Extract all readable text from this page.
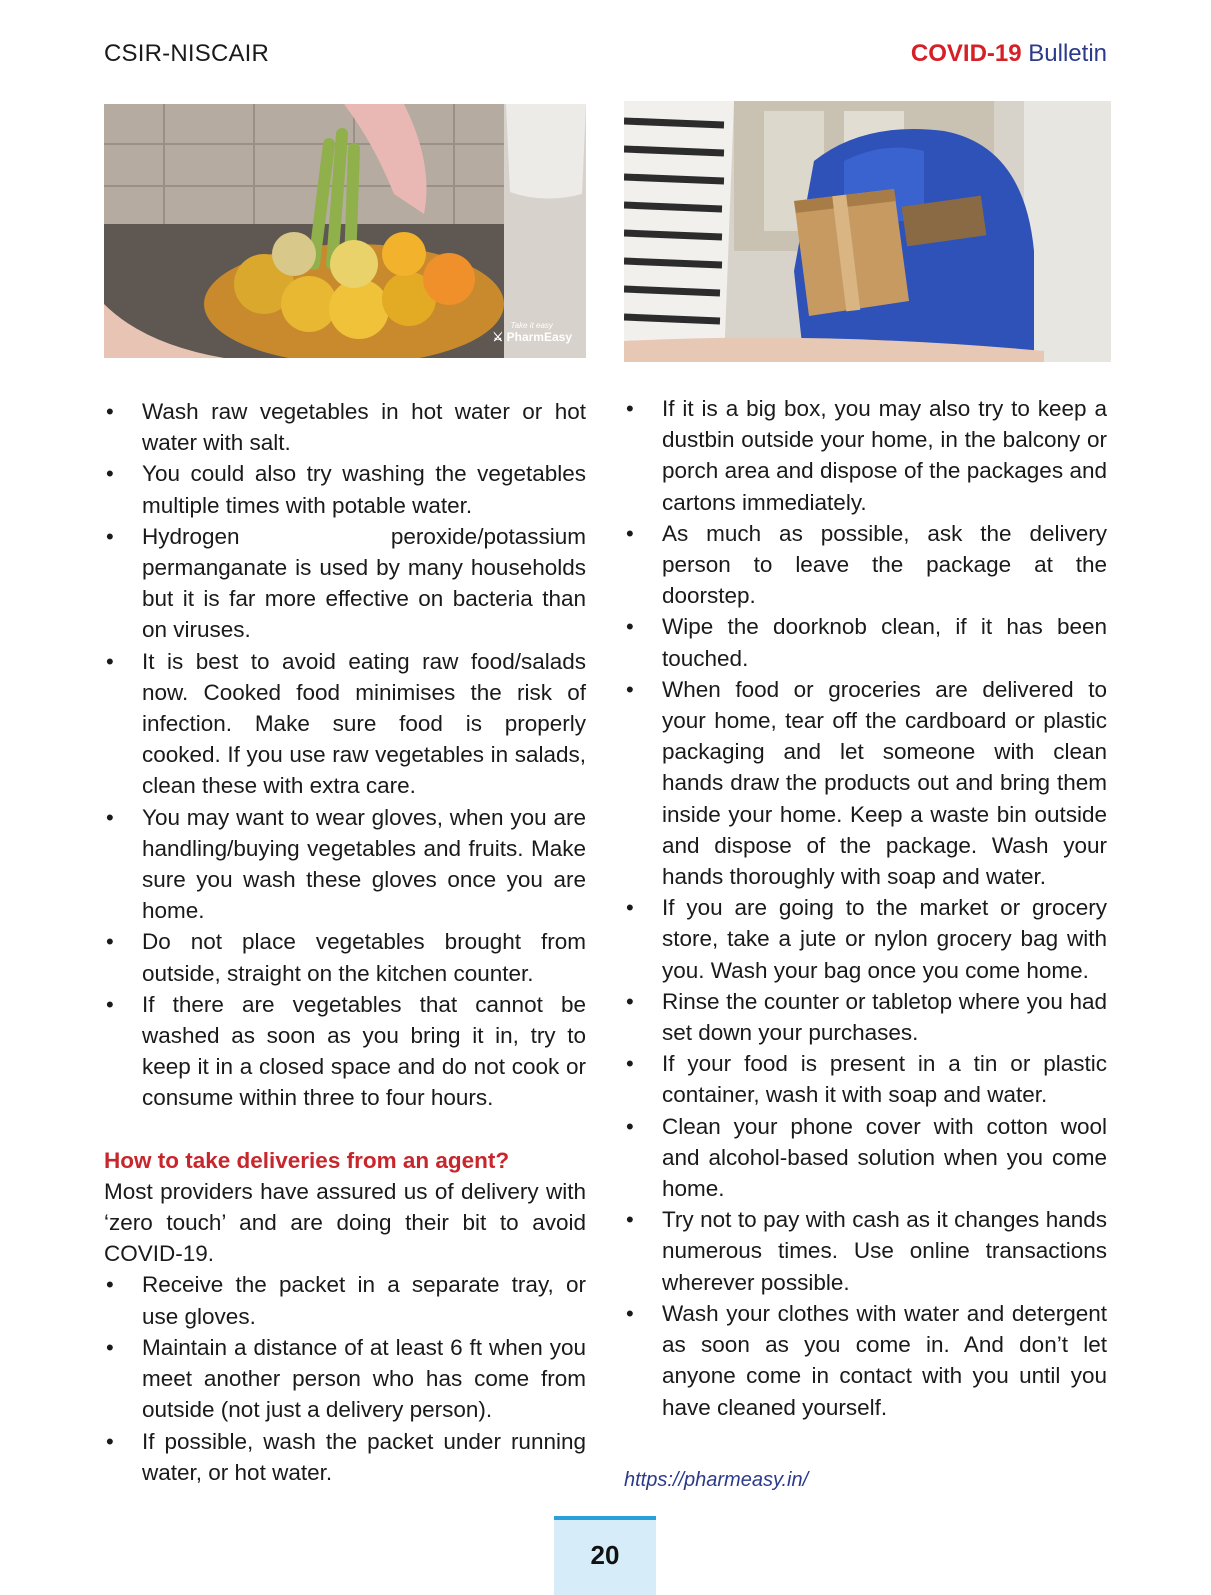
CSIR-NISCAIR	COVID-19 Bulletin
Take it easy
⚔ PharmEasy
• Wash raw vegetables in hot water or hot water with salt.
• You could also try washing the vegetables multiple times with potable water.
• Hydrogen peroxide/potassium permanganate is used by many households but it is far more effective on bacteria than on viruses.
• It is best to avoid eating raw food/salads now. Cooked food minimises the risk of infection. Make sure food is properly cooked. If you use raw vegetables in salads, clean these with extra care.
• You may want to wear gloves, when you are handling/buying vegetables and fruits. Make sure you wash these gloves once you are home.
• Do not place vegetables brought from outside, straight on the kitchen counter.
• If there are vegetables that cannot be washed as soon as you bring it in, try to keep it in a closed space and do not cook or consume within three to four hours.
How to take deliveries from an agent?

Most providers have assured us of delivery with ‘zero touch’ and are doing their bit to avoid COVID-19.

• Receive the packet in a separate tray, or use gloves.
• Maintain a distance of at least 6 ft when you meet another person who has come from outside (not just a delivery person).
• If possible, wash the packet under running water, or hot water.
• If it is a big box, you may also try to keep a dustbin outside your home, in the balcony or porch area and dispose of the packages and cartons immediately.
• As much as possible, ask the delivery person to leave the package at the doorstep.
• Wipe the doorknob clean, if it has been touched.
• When food or groceries are delivered to your home, tear off the cardboard or plastic packaging and let someone with clean hands draw the products out and bring them inside your home. Keep a waste bin outside and dispose of the package. Wash your hands thoroughly with soap and water.
• If you are going to the market or grocery store, take a jute or nylon grocery bag with you. Wash your bag once you come home.
• Rinse the counter or tabletop where you had set down your purchases.
• If your food is present in a tin or plastic container, wash it with soap and water.
• Clean your phone cover with cotton wool and alcohol-based solution when you come home.
• Try not to pay with cash as it changes hands numerous times. Use online transactions wherever possible.
• Wash your clothes with water and detergent as soon as you come in. And don’t let anyone come in contact with you until you have cleaned yourself.
https://pharmeasy.in/
20
